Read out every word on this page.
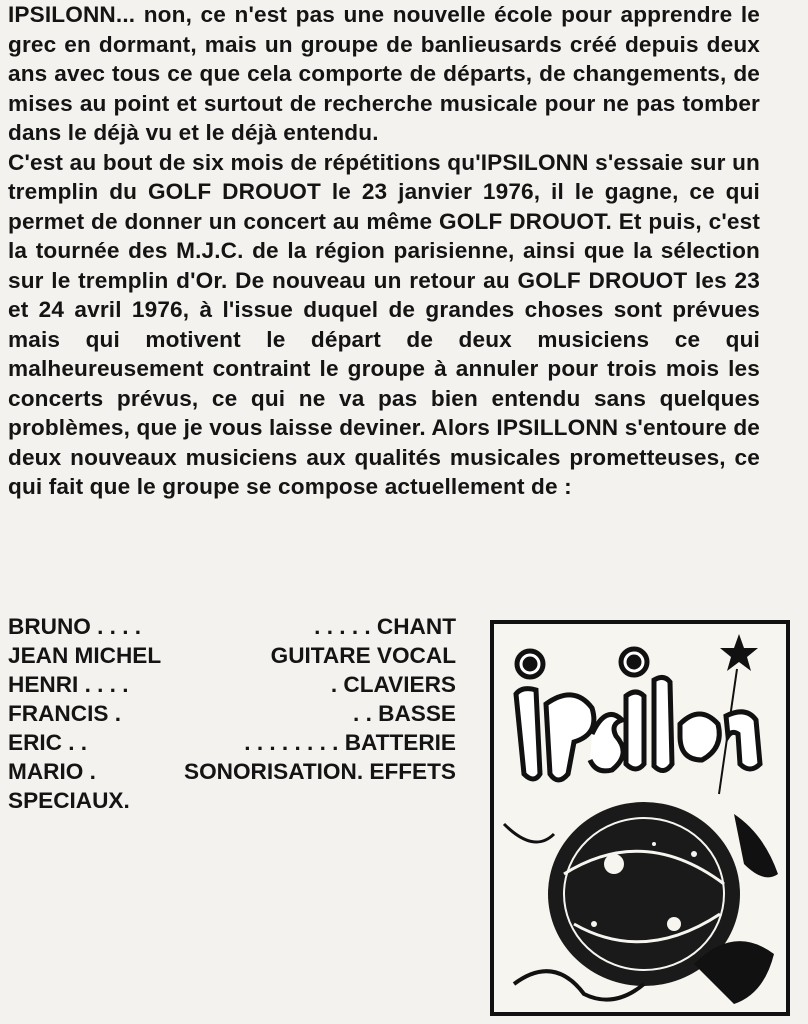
IPSILONN... non, ce n'est pas une nouvelle école pour apprendre le grec en dormant, mais un groupe de banlieusards créé depuis deux ans avec tous ce que cela comporte de départs, de changements, de mises au point et surtout de recherche musicale pour ne pas tomber dans le déjà vu et le déjà entendu.

C'est au bout de six mois de répétitions qu'IPSILONN s'essaie sur un tremplin du GOLF DROUOT le 23 janvier 1976, il le gagne, ce qui permet de donner un concert au même GOLF DROUOT. Et puis, c'est la tournée des M.J.C. de la région parisienne, ainsi que la sélection sur le tremplin d'Or. De nouveau un retour au GOLF DROUOT les 23 et 24 avril 1976, à l'issue duquel de grandes choses sont prévues mais qui motivent le départ de deux musiciens ce qui malheureusement contraint le groupe à annuler pour trois mois les concerts prévus, ce qui ne va pas bien entendu sans quelques problèmes, que je vous laisse deviner. Alors IPSILLONN s'entoure de deux nouveaux musiciens aux qualités musicales prometteuses, ce qui fait que le groupe se compose actuellement de :

BRUNO . . . .	. . . . . CHANT
JEAN MICHEL	GUITARE VOCAL
HENRI . . . .	. CLAVIERS
FRANCIS .	. . BASSE
ERIC . .	. . . . . . . . BATTERIE
MARIO .	SONORISATION. EFFETS
SPECIAUX.
